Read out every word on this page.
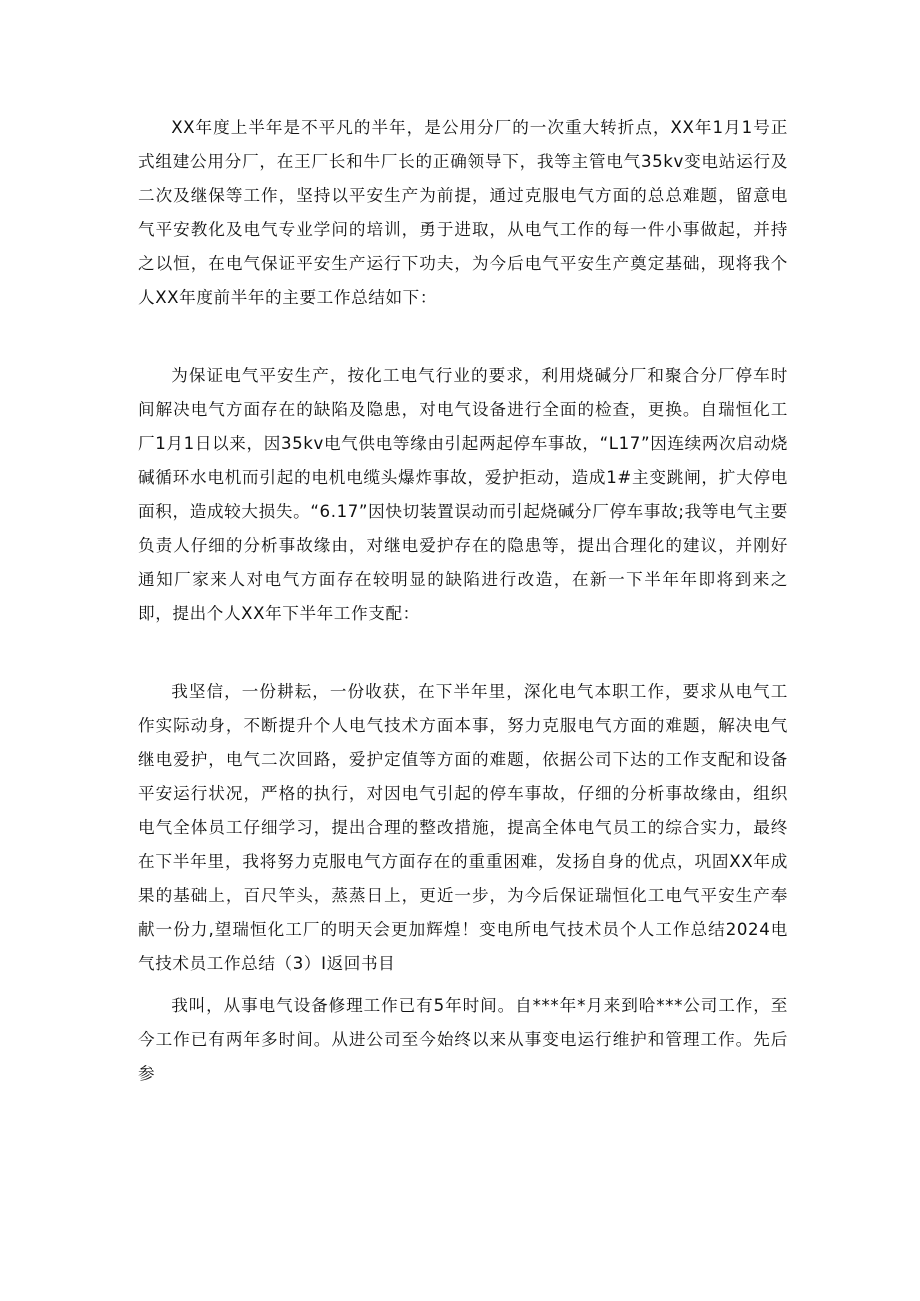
XX年度上半年是不平凡的半年，是公用分厂的一次重大转折点，XX年1月1号正式组建公用分厂，在王厂长和牛厂长的正确领导下，我等主管电气35kv变电站运行及二次及继保等工作，坚持以平安生产为前提，通过克服电气方面的总总难题，留意电气平安教化及电气专业学问的培训，勇于进取，从电气工作的每一件小事做起，并持之以恒，在电气保证平安生产运行下功夫，为今后电气平安生产奠定基础，现将我个人XX年度前半年的主要工作总结如下：

为保证电气平安生产，按化工电气行业的要求，利用烧碱分厂和聚合分厂停车时间解决电气方面存在的缺陷及隐患，对电气设备进行全面的检查，更换。自瑞恒化工厂1月1日以来，因35kv电气供电等缘由引起两起停车事故，“L17”因连续两次启动烧碱循环水电机而引起的电机电缆头爆炸事故，爱护拒动，造成1#主变跳闸，扩大停电面积，造成较大损失。“6.17”因快切装置误动而引起烧碱分厂停车事故;我等电气主要负责人仔细的分析事故缘由，对继电爱护存在的隐患等，提出合理化的建议，并刚好通知厂家来人对电气方面存在较明显的缺陷进行改造，在新一下半年年即将到来之即，提出个人XX年下半年工作支配：

我坚信，一份耕耘，一份收获，在下半年里，深化电气本职工作，要求从电气工作实际动身，不断提升个人电气技术方面本事，努力克服电气方面的难题，解决电气继电爱护，电气二次回路，爱护定值等方面的难题，依据公司下达的工作支配和设备平安运行状况，严格的执行，对因电气引起的停车事故，仔细的分析事故缘由，组织电气全体员工仔细学习，提出合理的整改措施，提高全体电气员工的综合实力，最终在下半年里，我将努力克服电气方面存在的重重困难，发扬自身的优点，巩固XX年成果的基础上，百尺竿头，蒸蒸日上，更近一步，为今后保证瑞恒化工电气平安生产奉献一份力,望瑞恒化工厂的明天会更加辉煌！变电所电气技术员个人工作总结2024电气技术员工作总结（3）I返回书目

我叫，从事电气设备修理工作已有5年时间。自***年*月来到哈***公司工作，至今工作已有两年多时间。从进公司至今始终以来从事变电运行维护和管理工作。先后参
